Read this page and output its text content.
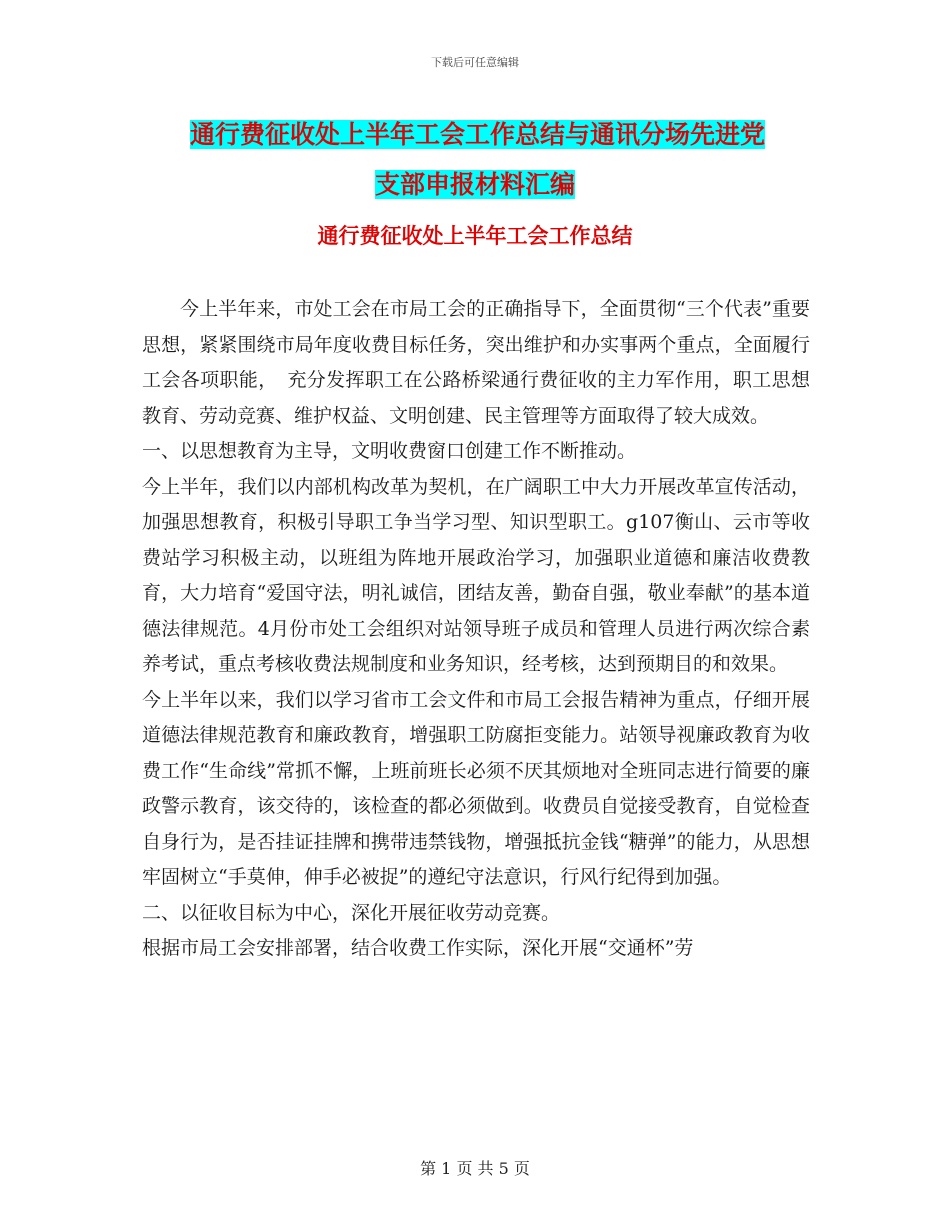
下载后可任意编辑
通行费征收处上半年工会工作总结与通讯分场先进党
支部申报材料汇编
通行费征收处上半年工会工作总结

今上半年来，市处工会在市局工会的正确指导下，全面贯彻“三个代表”重要思想，紧紧围绕市局年度收费目标任务，突出维护和办实事两个重点，全面履行工会各项职能，　充分发挥职工在公路桥梁通行费征收的主力军作用，职工思想教育、劳动竞赛、维护权益、文明创建、民主管理等方面取得了较大成效。

一、以思想教育为主导，文明收费窗口创建工作不断推动。

今上半年，我们以内部机构改革为契机，在广阔职工中大力开展改革宣传活动，加强思想教育，积极引导职工争当学习型、知识型职工。g107衡山、云市等收费站学习积极主动，以班组为阵地开展政治学习，加强职业道德和廉洁收费教育，大力培育“爱国守法，明礼诚信，团结友善，勤奋自强，敬业奉献”的基本道德法律规范。4月份市处工会组织对站领导班子成员和管理人员进行两次综合素养考试，重点考核收费法规制度和业务知识，经考核，达到预期目的和效果。

今上半年以来，我们以学习省市工会文件和市局工会报告精神为重点，仔细开展道德法律规范教育和廉政教育，增强职工防腐拒变能力。站领导视廉政教育为收费工作“生命线”常抓不懈，上班前班长必须不厌其烦地对全班同志进行简要的廉政警示教育，该交待的，该检查的都必须做到。收费员自觉接受教育，自觉检查自身行为，是否挂证挂牌和携带违禁钱物，增强抵抗金钱“糖弹”的能力，从思想牢固树立“手莫伸，伸手必被捉”的遵纪守法意识，行风行纪得到加强。

二、以征收目标为中心，深化开展征收劳动竞赛。

根据市局工会安排部署，结合收费工作实际，深化开展“交通杯”劳

第 1 页 共 5 页
